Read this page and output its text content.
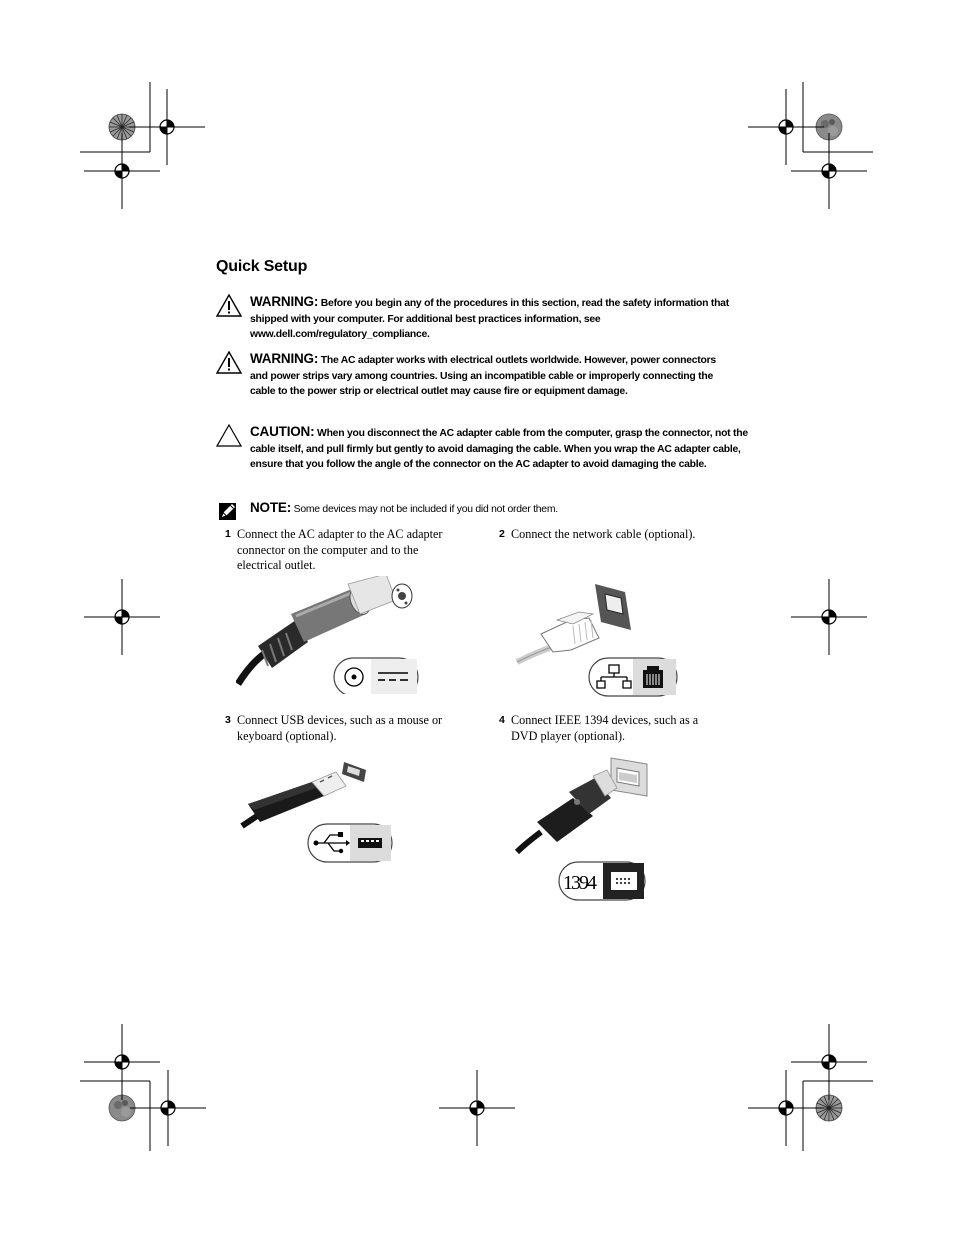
Quick Setup
WARNING: Before you begin any of the procedures in this section, read the safety information that shipped with your computer. For additional best practices information, see www.dell.com/regulatory_compliance.
WARNING: The AC adapter works with electrical outlets worldwide. However, power connectors and power strips vary among countries. Using an incompatible cable or improperly connecting the cable to the power strip or electrical outlet may cause fire or equipment damage.
CAUTION: When you disconnect the AC adapter cable from the computer, grasp the connector, not the cable itself, and pull firmly but gently to avoid damaging the cable. When you wrap the AC adapter cable, ensure that you follow the angle of the connector on the AC adapter to avoid damaging the cable.
NOTE: Some devices may not be included if you did not order them.
1 Connect the AC adapter to the AC adapter connector on the computer and to the electrical outlet.
2 Connect the network cable (optional).
3 Connect USB devices, such as a mouse or keyboard (optional).
4 Connect IEEE 1394 devices, such as a DVD player (optional).
1394
